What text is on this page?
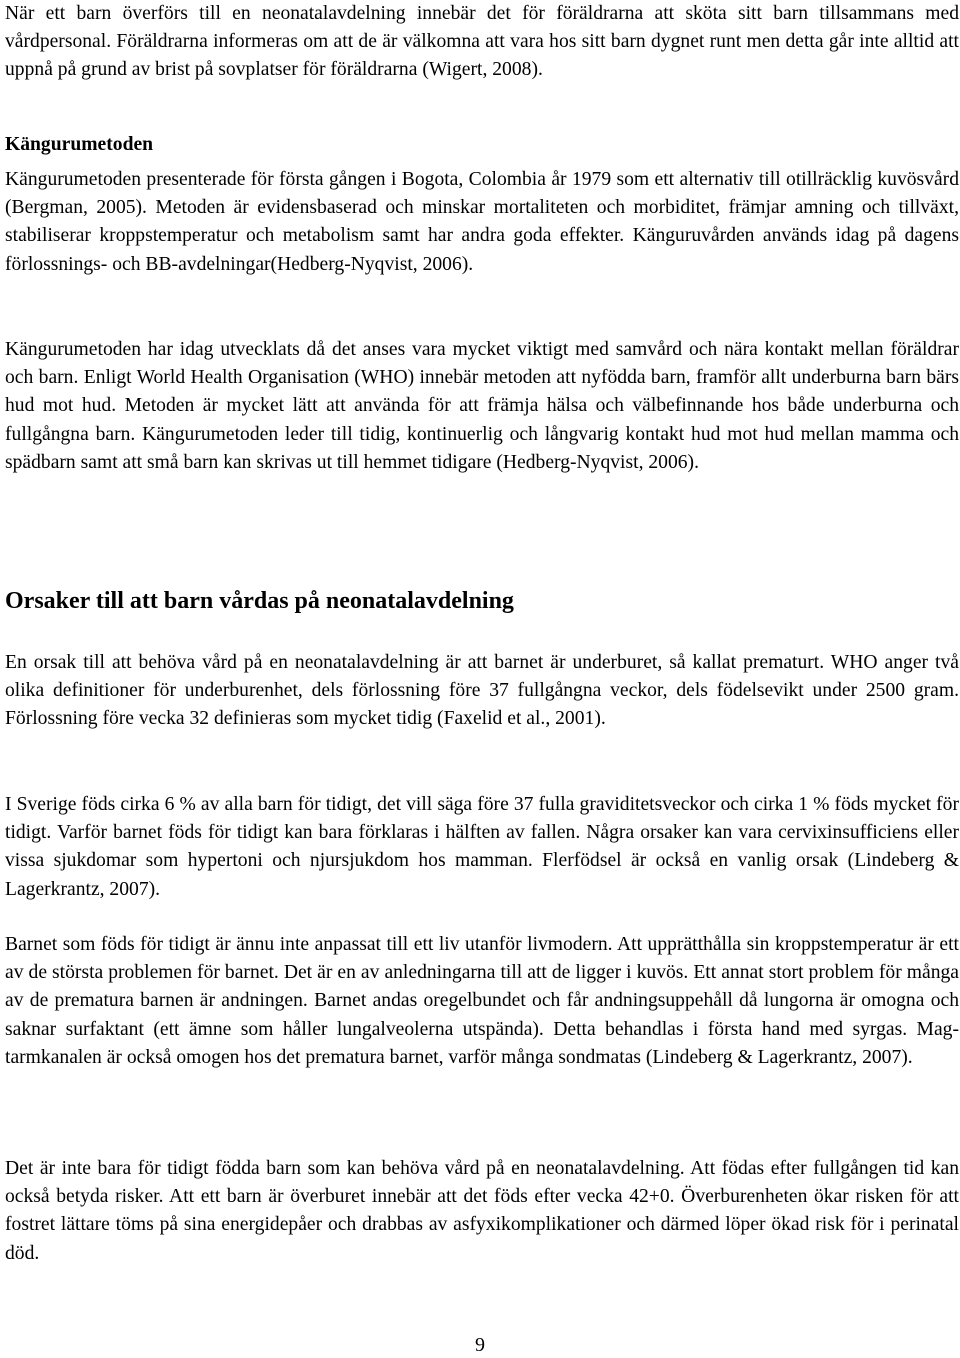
När ett barn överförs till en neonatalavdelning innebär det för föräldrarna att sköta sitt barn tillsammans med vårdpersonal. Föräldrarna informeras om att de är välkomna att vara hos sitt barn dygnet runt men detta går inte alltid att uppnå på grund av brist på sovplatser för föräldrarna (Wigert, 2008).

Kängurumetoden

Kängurumetoden presenterade för första gången i Bogota, Colombia år 1979 som ett alternativ till otillräcklig kuvösvård (Bergman, 2005). Metoden är evidensbaserad och minskar mortaliteten och morbiditet, främjar amning och tillväxt, stabiliserar kroppstemperatur och metabolism samt har andra goda effekter. Känguruvården används idag på dagens förlossnings- och BB-avdelningar(Hedberg-Nyqvist, 2006).

Kängurumetoden har idag utvecklats då det anses vara mycket viktigt med samvård och nära kontakt mellan föräldrar och barn. Enligt World Health Organisation (WHO) innebär metoden att nyfödda barn, framför allt underburna barn bärs hud mot hud. Metoden är mycket lätt att använda för att främja hälsa och välbefinnande hos både underburna och fullgångna barn. Kängurumetoden leder till tidig, kontinuerlig och långvarig kontakt hud mot hud mellan mamma och spädbarn samt att små barn kan skrivas ut till hemmet tidigare (Hedberg-Nyqvist, 2006).

Orsaker till att barn vårdas på neonatalavdelning

En orsak till att behöva vård på en neonatalavdelning är att barnet är underburet, så kallat prematurt. WHO anger två olika definitioner för underburenhet, dels förlossning före 37 fullgångna veckor, dels födelsevikt under 2500 gram. Förlossning före vecka 32 definieras som mycket tidig (Faxelid et al., 2001).

I Sverige föds cirka 6 % av alla barn för tidigt, det vill säga före 37 fulla graviditetsveckor och cirka 1 % föds mycket för tidigt. Varför barnet föds för tidigt kan bara förklaras i hälften av fallen. Några orsaker kan vara cervixinsufficiens eller vissa sjukdomar som hypertoni och njursjukdom hos mamman. Flerfödsel är också en vanlig orsak (Lindeberg & Lagerkrantz, 2007).

Barnet som föds för tidigt är ännu inte anpassat till ett liv utanför livmodern. Att upprätthålla sin kroppstemperatur är ett av de största problemen för barnet. Det är en av anledningarna till att de ligger i kuvös. Ett annat stort problem för många av de prematura barnen är andningen. Barnet andas oregelbundet och får andningsuppehåll då lungorna är omogna och saknar surfaktant (ett ämne som håller lungalveolerna utspända). Detta behandlas i första hand med syrgas. Mag-tarmkanalen är också omogen hos det prematura barnet, varför många sondmatas (Lindeberg & Lagerkrantz, 2007).

Det är inte bara för tidigt födda barn som kan behöva vård på en neonatalavdelning. Att födas efter fullgången tid kan också betyda risker. Att ett barn är överburet innebär att det föds efter vecka 42+0. Överburenheten ökar risken för att fostret lättare töms på sina energidepåer och drabbas av asfyxikomplikationer och därmed löper ökad risk för i perinatal död.

9
